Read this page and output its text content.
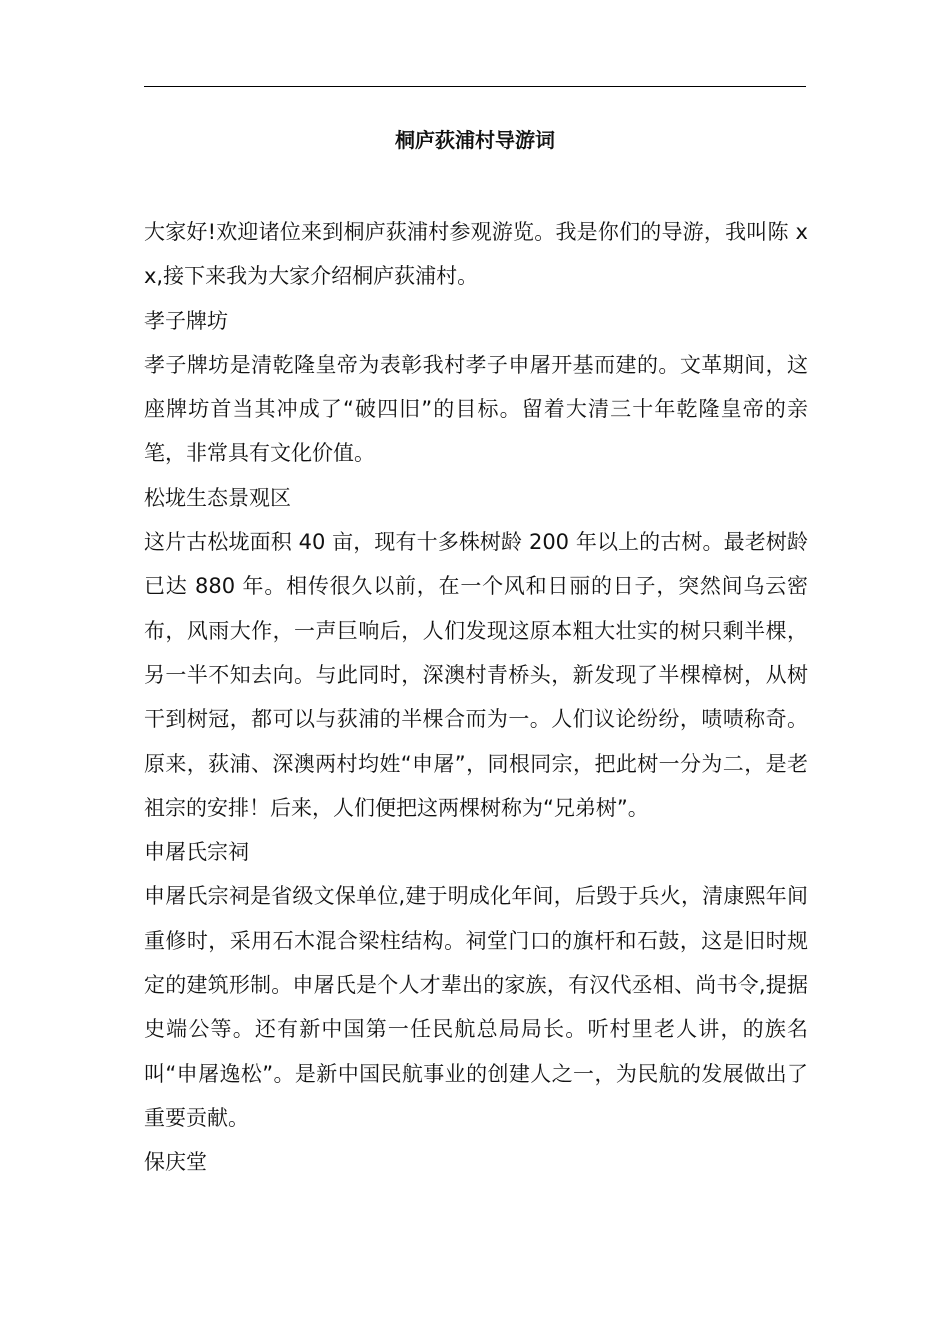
桐庐荻浦村导游词

大家好!欢迎诸位来到桐庐荻浦村参观游览。我是你们的导游，我叫陈 xx,接下来我为大家介绍桐庐荻浦村。

孝子牌坊

孝子牌坊是清乾隆皇帝为表彰我村孝子申屠开基而建的。文革期间，这座牌坊首当其冲成了“破四旧”的目标。留着大清三十年乾隆皇帝的亲笔，非常具有文化价值。

松垅生态景观区

这片古松垅面积 40 亩，现有十多株树龄 200 年以上的古树。最老树龄已达 880 年。相传很久以前，在一个风和日丽的日子，突然间乌云密布，风雨大作，一声巨响后，人们发现这原本粗大壮实的树只剩半棵，另一半不知去向。与此同时，深澳村青桥头，新发现了半棵樟树，从树干到树冠，都可以与荻浦的半棵合而为一。人们议论纷纷，啧啧称奇。原来，荻浦、深澳两村均姓“申屠”，同根同宗，把此树一分为二，是老祖宗的安排！后来，人们便把这两棵树称为“兄弟树”。

申屠氏宗祠

申屠氏宗祠是省级文保单位,建于明成化年间，后毁于兵火，清康熙年间重修时，采用石木混合梁柱结构。祠堂门口的旗杆和石鼓，这是旧时规定的建筑形制。申屠氏是个人才辈出的家族，有汉代丞相、尚书令,提据史端公等。还有新中国第一任民航总局局长。听村里老人讲，的族名叫“申屠逸松”。是新中国民航事业的创建人之一，为民航的发展做出了重要贡献。

保庆堂
